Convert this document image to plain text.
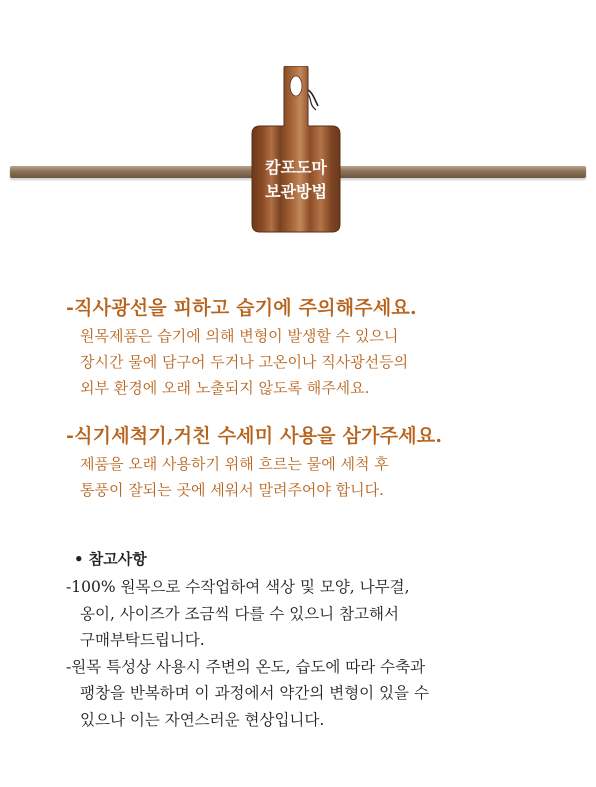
캄포도마
보관방법
-직사광선을 피하고 습기에 주의해주세요.
원목제품은 습기에 의해 변형이 발생할 수 있으니
장시간 물에 담구어 두거나 고온이나 직사광선등의
외부 환경에 오래 노출되지 않도록 해주세요.
-식기세척기,거친 수세미 사용을 삼가주세요.
제품을 오래 사용하기 위해 흐르는 물에 세척 후
통풍이 잘되는 곳에 세워서 말려주어야 합니다.
• 참고사항
-100% 원목으로 수작업하여 색상 및 모양, 나무결,
옹이, 사이즈가 조금씩 다를 수 있으니 참고해서
구매부탁드립니다.
-원목 특성상 사용시 주변의 온도, 습도에 따라 수축과
팽창을 반복하며 이 과정에서 약간의 변형이 있을 수
있으나 이는 자연스러운 현상입니다.
